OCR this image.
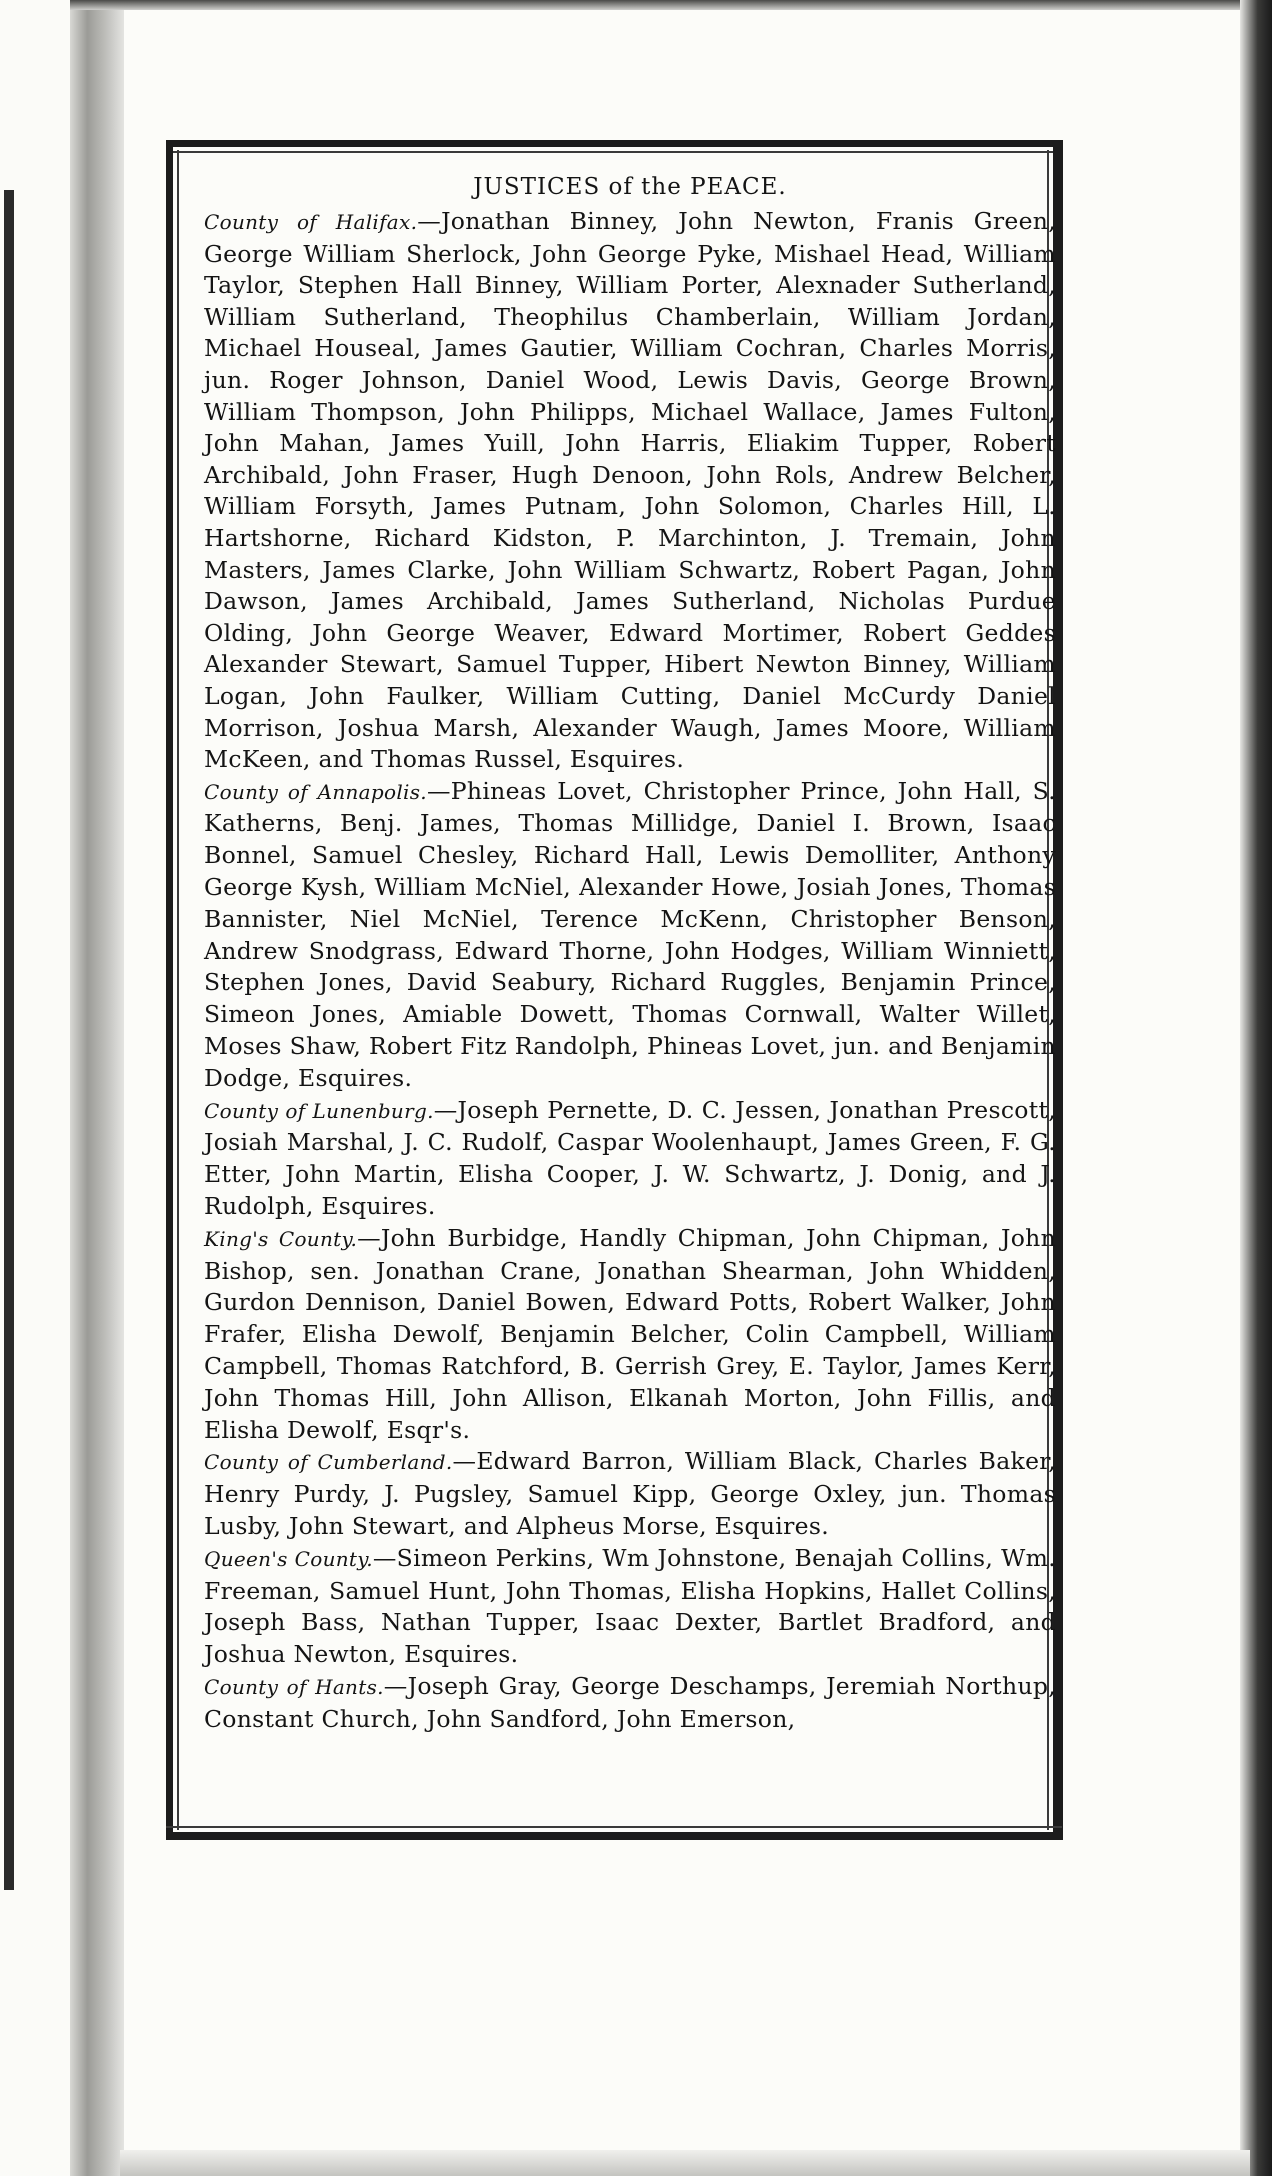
JUSTICES of the PEACE.

County of Halifax.—Jonathan Binney, John Newton, Franis Green, George William Sherlock, John George Pyke, Mishael Head, William Taylor, Stephen Hall Binney, William Porter, Alexnader Sutherland, William Sutherland, Theophilus Chamberlain, William Jordan, Michael Houseal, James Gautier, William Cochran, Charles Morris, jun. Roger Johnson, Daniel Wood, Lewis Davis, George Brown, William Thompson, John Philipps, Michael Wallace, James Fulton, John Mahan, James Yuill, John Harris, Eliakim Tupper, Robert Archibald, John Fraser, Hugh Denoon, John Rols, Andrew Belcher, William Forsyth, James Putnam, John Solomon, Charles Hill, L. Hartshorne, Richard Kidston, P. Marchinton, J. Tremain, John Masters, James Clarke, John William Schwartz, Robert Pagan, John Dawson, James Archibald, James Sutherland, Nicholas Purdue Olding, John George Weaver, Edward Mortimer, Robert Geddes Alexander Stewart, Samuel Tupper, Hibert Newton Binney, William Logan, John Faulker, William Cutting, Daniel McCurdy Daniel Morrison, Joshua Marsh, Alexander Waugh, James Moore, William McKeen, and Thomas Russel, Esquires.

County of Annapolis.—Phineas Lovet, Christopher Prince, John Hall, S. Katherns, Benj. James, Thomas Millidge, Daniel I. Brown, Isaac Bonnel, Samuel Chesley, Richard Hall, Lewis Demolliter, Anthony George Kysh, William McNiel, Alexander Howe, Josiah Jones, Thomas Bannister, Niel McNiel, Terence McKenn, Christopher Benson, Andrew Snodgrass, Edward Thorne, John Hodges, William Winniett, Stephen Jones, David Seabury, Richard Ruggles, Benjamin Prince, Simeon Jones, Amiable Dowett, Thomas Cornwall, Walter Willet, Moses Shaw, Robert Fitz Randolph, Phineas Lovet, jun. and Benjamin Dodge, Esquires.

County of Lunenburg.—Joseph Pernette, D. C. Jessen, Jonathan Prescott, Josiah Marshal, J. C. Rudolf, Caspar Woolenhaupt, James Green, F. G. Etter, John Martin, Elisha Cooper, J. W. Schwartz, J. Donig, and J. Rudolph, Esquires.

King's County.—John Burbidge, Handly Chipman, John Chipman, John Bishop, sen. Jonathan Crane, Jonathan Shearman, John Whidden, Gurdon Dennison, Daniel Bowen, Edward Potts, Robert Walker, John Frafer, Elisha Dewolf, Benjamin Belcher, Colin Campbell, William Campbell, Thomas Ratchford, B. Gerrish Grey, E. Taylor, James Kerr, John Thomas Hill, John Allison, Elkanah Morton, John Fillis, and Elisha Dewolf, Esqr's.

County of Cumberland.—Edward Barron, William Black, Charles Baker, Henry Purdy, J. Pugsley, Samuel Kipp, George Oxley, jun. Thomas Lusby, John Stewart, and Alpheus Morse, Esquires.

Queen's County.—Simeon Perkins, Wm Johnstone, Benajah Collins, Wm. Freeman, Samuel Hunt, John Thomas, Elisha Hopkins, Hallet Collins, Joseph Bass, Nathan Tupper, Isaac Dexter, Bartlet Bradford, and Joshua Newton, Esquires.

County of Hants.—Joseph Gray, George Deschamps, Jeremiah Northup, Constant Church, John Sandford, John Emerson,
